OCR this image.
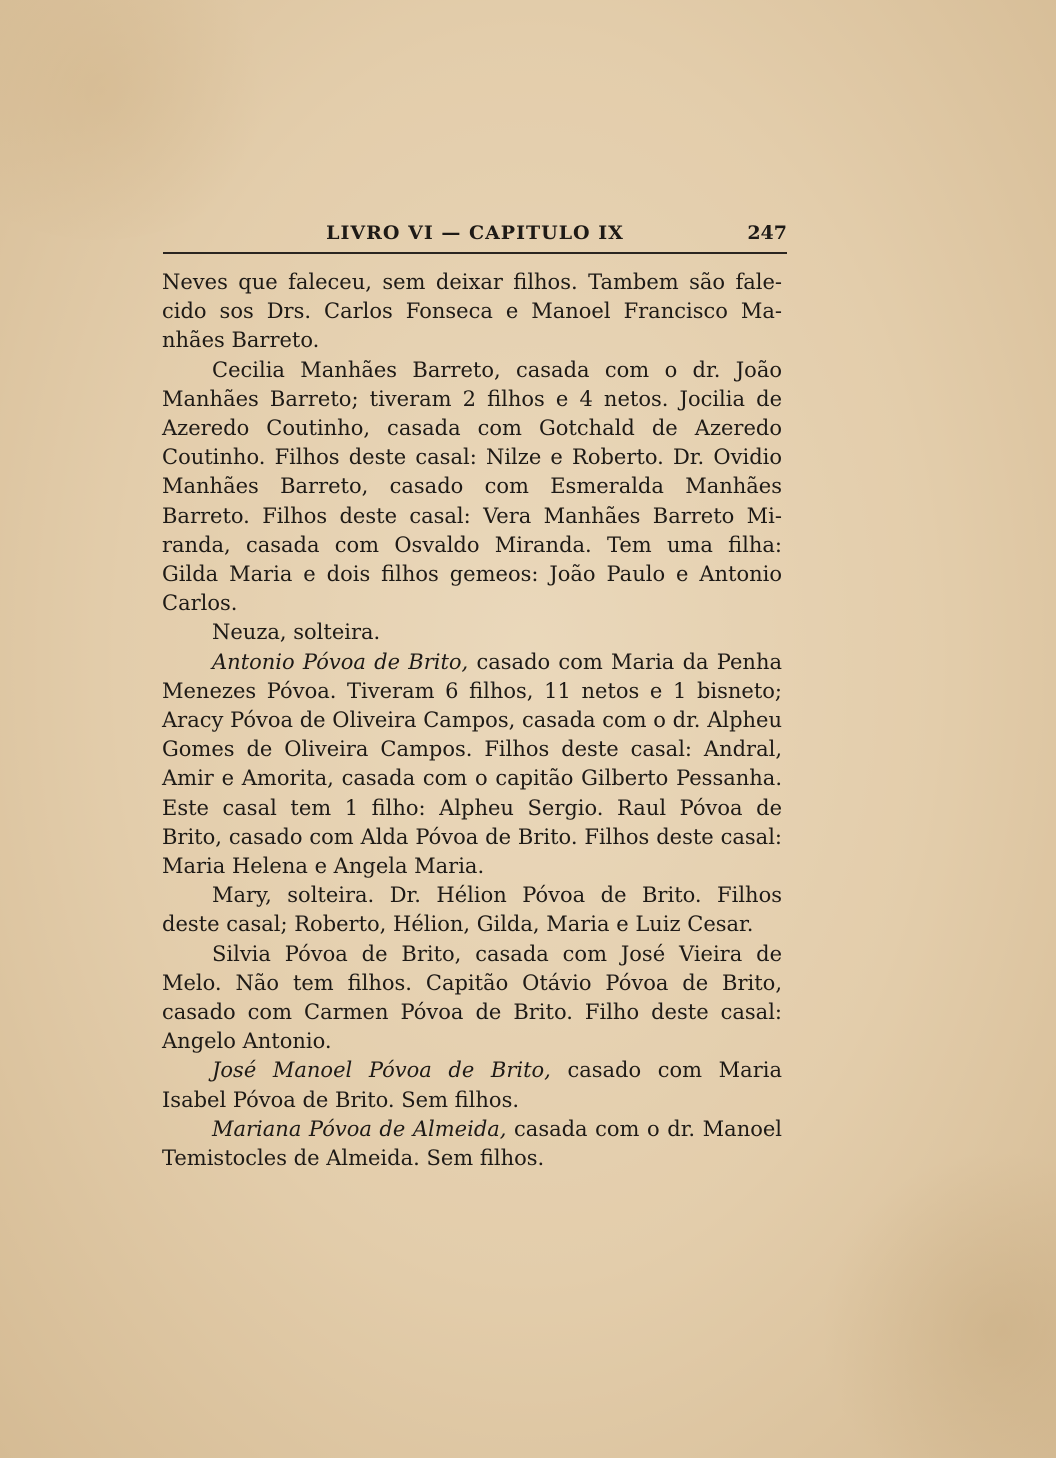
LIVRO VI — CAPITULO IX	247

Neves que faleceu, sem deixar filhos. Tambem são falecido sos Drs. Carlos Fonseca e Manoel Francisco Manhães Barreto.

Cecilia Manhães Barreto, casada com o dr. João Manhães Barreto; tiveram 2 filhos e 4 netos. Jocilia de Azeredo Coutinho, casada com Gotchald de Azeredo Coutinho. Filhos deste casal: Nilze e Roberto. Dr. Ovidio Manhães Barreto, casado com Esmeralda Manhães Barreto. Filhos deste casal: Vera Manhães Barreto Miranda, casada com Osvaldo Miranda. Tem uma filha: Gilda Maria e dois filhos gemeos: João Paulo e Antonio Carlos.

Neuza, solteira.

Antonio Póvoa de Brito, casado com Maria da Penha Menezes Póvoa. Tiveram 6 filhos, 11 netos e 1 bisneto; Aracy Póvoa de Oliveira Campos, casada com o dr. Alpheu Gomes de Oliveira Campos. Filhos deste casal: Andral, Amir e Amorita, casada com o capitão Gilberto Pessanha. Este casal tem 1 filho: Alpheu Sergio. Raul Póvoa de Brito, casado com Alda Póvoa de Brito. Filhos deste casal: Maria Helena e Angela Maria.

Mary, solteira. Dr. Hélion Póvoa de Brito. Filhos deste casal; Roberto, Hélion, Gilda, Maria e Luiz Cesar.

Silvia Póvoa de Brito, casada com José Vieira de Melo. Não tem filhos. Capitão Otávio Póvoa de Brito, casado com Carmen Póvoa de Brito. Filho deste casal: Angelo Antonio.

José Manoel Póvoa de Brito, casado com Maria Isabel Póvoa de Brito. Sem filhos.

Mariana Póvoa de Almeida, casada com o dr. Manoel Temistocles de Almeida. Sem filhos.
